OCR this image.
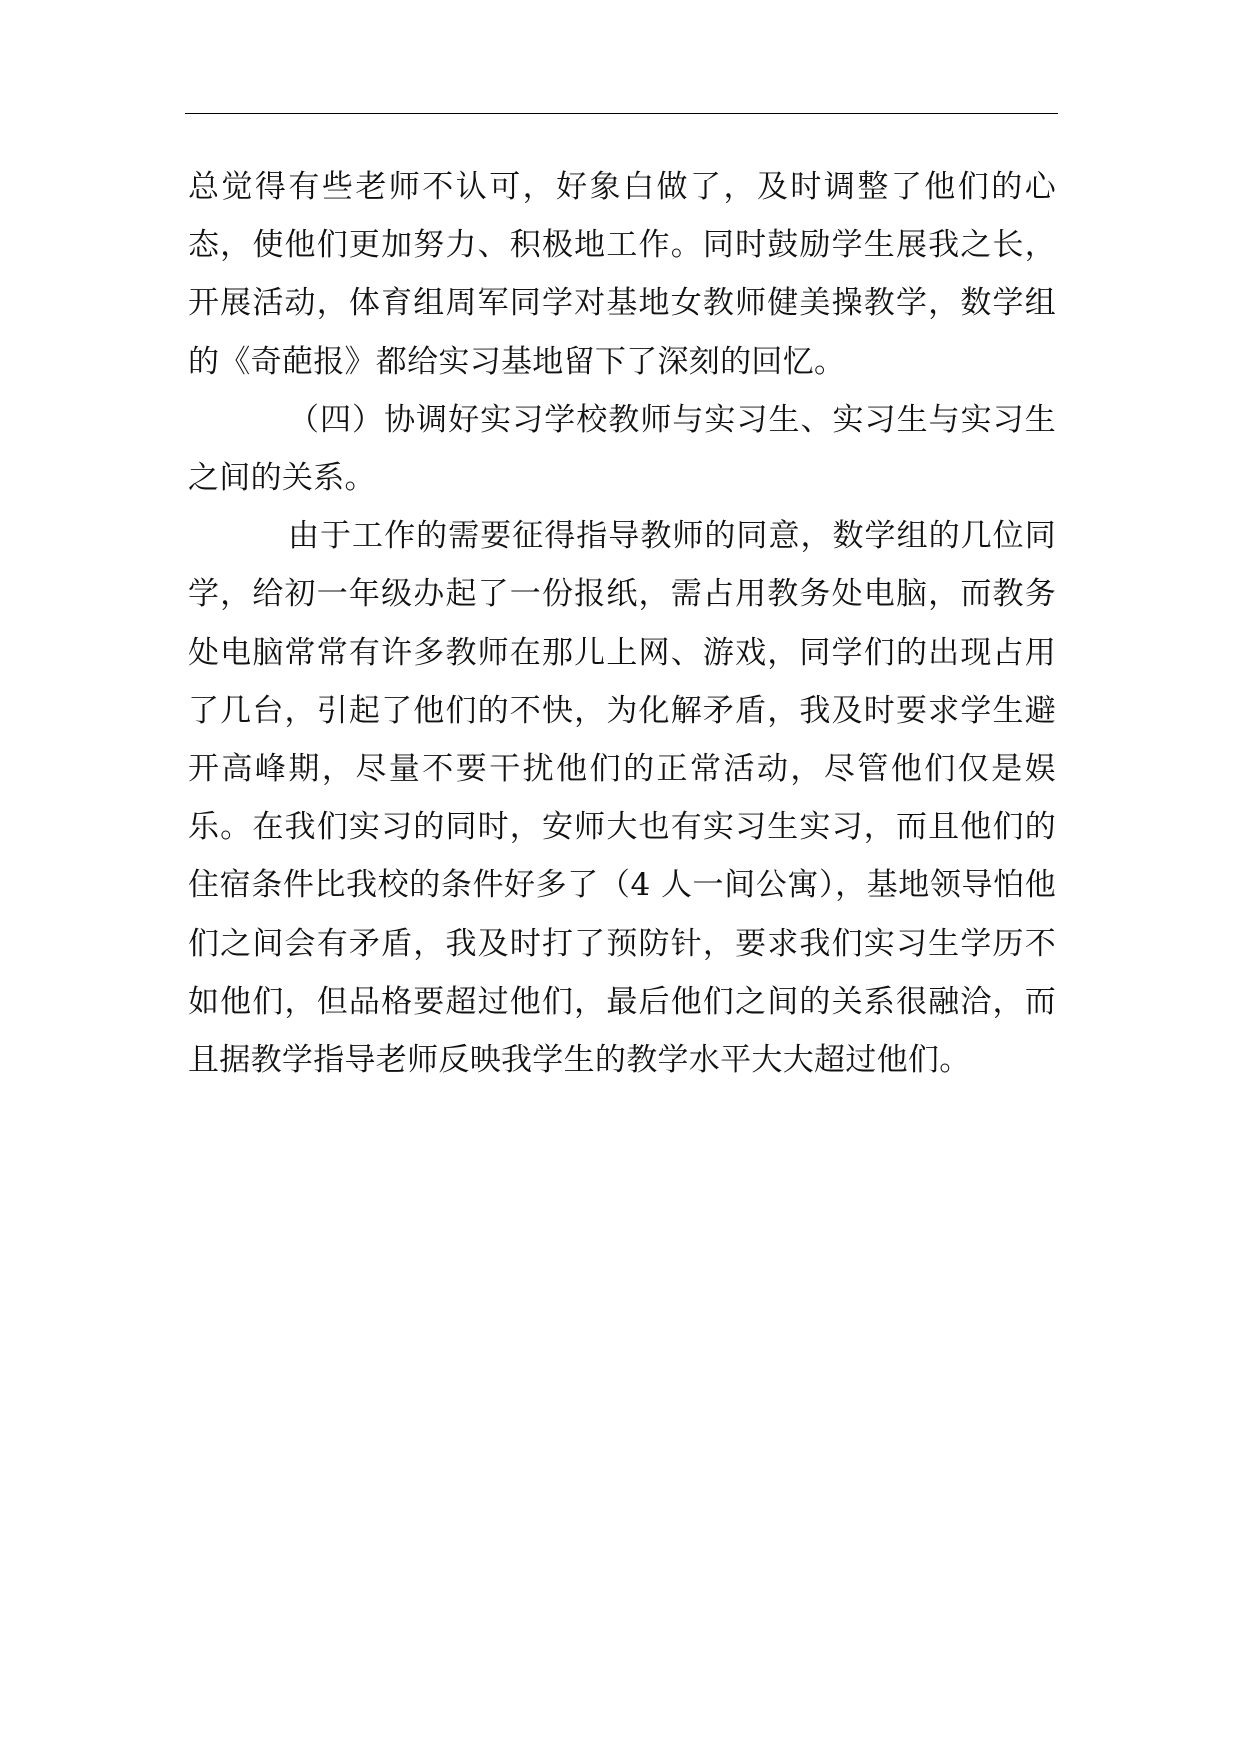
总觉得有些老师不认可，好象白做了，及时调整了他们的心态，使他们更加努力、积极地工作。同时鼓励学生展我之长，开展活动，体育组周军同学对基地女教师健美操教学，数学组的《奇葩报》都给实习基地留下了深刻的回忆。

（四）协调好实习学校教师与实习生、实习生与实习生之间的关系。

由于工作的需要征得指导教师的同意，数学组的几位同学，给初一年级办起了一份报纸，需占用教务处电脑，而教务处电脑常常有许多教师在那儿上网、游戏，同学们的出现占用了几台，引起了他们的不快，为化解矛盾，我及时要求学生避开高峰期，尽量不要干扰他们的正常活动，尽管他们仅是娱乐。在我们实习的同时，安师大也有实习生实习，而且他们的住宿条件比我校的条件好多了（4 人一间公寓），基地领导怕他们之间会有矛盾，我及时打了预防针，要求我们实习生学历不如他们，但品格要超过他们，最后他们之间的关系很融洽，而且据教学指导老师反映我学生的教学水平大大超过他们。
